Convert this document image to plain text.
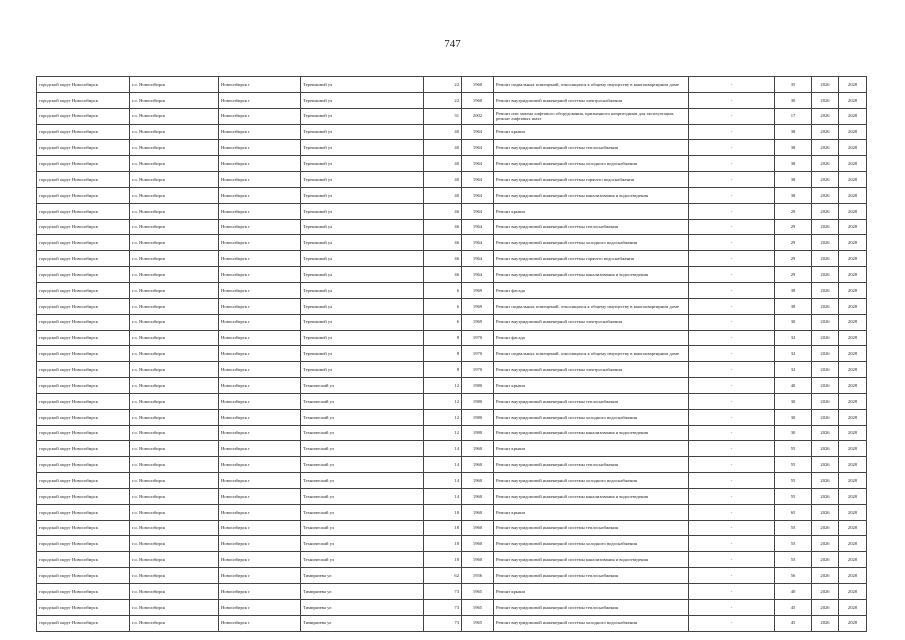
747
городской округ Новосибирск	г.о. Новосибирск	Новосибирск г	Терешковой ул	22	1960	Ремонт подвальных помещений, относящихся к общему имуществу в многоквартирном доме	-	35	2026	2028
городской округ Новосибирск	г.о. Новосибирск	Новосибирск г	Терешковой ул	22	1960	Ремонт внутридомовой инженерной системы электроснабжения	-	30	2026	2028
городской округ Новосибирск	г.о. Новосибирск	Новосибирск г	Терешковой ул	31	2002	Ремонт или замена лифтового оборудования, признанного непригодным для эксплуатации, ремонт лифтовых шахт	-	17	2026	2028
городской округ Новосибирск	г.о. Новосибирск	Новосибирск г	Терешковой ул	40	1964	Ремонт крыши	-	38	2026	2028
городской округ Новосибирск	г.о. Новосибирск	Новосибирск г	Терешковой ул	40	1964	Ремонт внутридомовой инженерной системы теплоснабжения	-	38	2026	2028
городской округ Новосибирск	г.о. Новосибирск	Новосибирск г	Терешковой ул	40	1964	Ремонт внутридомовой инженерной системы холодного водоснабжения	-	38	2026	2028
городской округ Новосибирск	г.о. Новосибирск	Новосибирск г	Терешковой ул	40	1964	Ремонт внутридомовой инженерной системы горячего водоснабжения	-	38	2026	2028
городской округ Новосибирск	г.о. Новосибирск	Новосибирск г	Терешковой ул	40	1964	Ремонт внутридомовой инженерной системы канализования и водоотведения	-	38	2026	2028
городской округ Новосибирск	г.о. Новосибирск	Новосибирск г	Терешковой ул	46	1964	Ремонт крыши	-	29	2026	2028
городской округ Новосибирск	г.о. Новосибирск	Новосибирск г	Терешковой ул	46	1964	Ремонт внутридомовой инженерной системы теплоснабжения	-	29	2026	2028
городской округ Новосибирск	г.о. Новосибирск	Новосибирск г	Терешковой ул	46	1964	Ремонт внутридомовой инженерной системы холодного водоснабжения	-	29	2026	2028
городской округ Новосибирск	г.о. Новосибирск	Новосибирск г	Терешковой ул	46	1964	Ремонт внутридомовой инженерной системы горячего водоснабжения	-	29	2026	2028
городской округ Новосибирск	г.о. Новосибирск	Новосибирск г	Терешковой ул	46	1964	Ремонт внутридомовой инженерной системы канализования и водоотведения	-	29	2026	2028
городской округ Новосибирск	г.о. Новосибирск	Новосибирск г	Терешковой ул	6	1969	Ремонт фасада	-	38	2026	2028
городской округ Новосибирск	г.о. Новосибирск	Новосибирск г	Терешковой ул	6	1969	Ремонт подвальных помещений, относящихся к общему имуществу в многоквартирном доме	-	38	2026	2028
городской округ Новосибирск	г.о. Новосибирск	Новосибирск г	Терешковой ул	6	1969	Ремонт внутридомовой инженерной системы электроснабжения	-	30	2026	2028
городской округ Новосибирск	г.о. Новосибирск	Новосибирск г	Терешковой ул	8	1970	Ремонт фасада	-	32	2026	2028
городской округ Новосибирск	г.о. Новосибирск	Новосибирск г	Терешковой ул	8	1970	Ремонт подвальных помещений, относящихся к общему имуществу в многоквартирном доме	-	32	2026	2028
городской округ Новосибирск	г.о. Новосибирск	Новосибирск г	Терешковой ул	8	1970	Ремонт внутридомовой инженерной системы электроснабжения	-	32	2026	2028
городской округ Новосибирск	г.о. Новосибирск	Новосибирск г	Технический ул	12	1980	Ремонт крыши	-	40	2026	2028
городской округ Новосибирск	г.о. Новосибирск	Новосибирск г	Технический ул	12	1980	Ремонт внутридомовой инженерной системы теплоснабжения	-	30	2026	2028
городской округ Новосибирск	г.о. Новосибирск	Новосибирск г	Технический ул	12	1980	Ремонт внутридомовой инженерной системы холодного водоснабжения	-	30	2026	2028
городской округ Новосибирск	г.о. Новосибирск	Новосибирск г	Технический ул	12	1980	Ремонт внутридомовой инженерной системы канализования и водоотведения	-	30	2026	2028
городской округ Новосибирск	г.о. Новосибирск	Новосибирск г	Технический ул	14	1960	Ремонт крыши	-	55	2026	2028
городской округ Новосибирск	г.о. Новосибирск	Новосибирск г	Технический ул	14	1960	Ремонт внутридомовой инженерной системы теплоснабжения	-	55	2026	2028
городской округ Новосибирск	г.о. Новосибирск	Новосибирск г	Технический ул	14	1960	Ремонт внутридомовой инженерной системы холодного водоснабжения	-	55	2026	2028
городской округ Новосибирск	г.о. Новосибирск	Новосибирск г	Технический ул	14	1960	Ремонт внутридомовой инженерной системы канализования и водоотведения	-	55	2026	2028
городской округ Новосибирск	г.о. Новосибирск	Новосибирск г	Технический ул	18	1960	Ремонт крыши	-	65	2026	2028
городской округ Новосибирск	г.о. Новосибирск	Новосибирск г	Технический ул	18	1960	Ремонт внутридомовой инженерной системы теплоснабжения	-	55	2026	2028
городской округ Новосибирск	г.о. Новосибирск	Новосибирск г	Технический ул	18	1960	Ремонт внутридомовой инженерной системы холодного водоснабжения	-	55	2026	2028
городской округ Новосибирск	г.о. Новосибирск	Новосибирск г	Технический ул	18	1960	Ремонт внутридомовой инженерной системы канализования и водоотведения	-	55	2026	2028
городской округ Новосибирск	г.о. Новосибирск	Новосибирск г	Тимирязева ул	62	1956	Ремонт внутридомовой инженерной системы теплоснабжения	-	56	2026	2028
городской округ Новосибирск	г.о. Новосибирск	Новосибирск г	Тимирязева ул	73	1965	Ремонт крыши	-	40	2026	2028
городской округ Новосибирск	г.о. Новосибирск	Новосибирск г	Тимирязева ул	73	1965	Ремонт внутридомовой инженерной системы теплоснабжения	-	45	2026	2028
городской округ Новосибирск	г.о. Новосибирск	Новосибирск г	Тимирязева ул	73	1965	Ремонт внутридомовой инженерной системы холодного водоснабжения	-	45	2026	2028
